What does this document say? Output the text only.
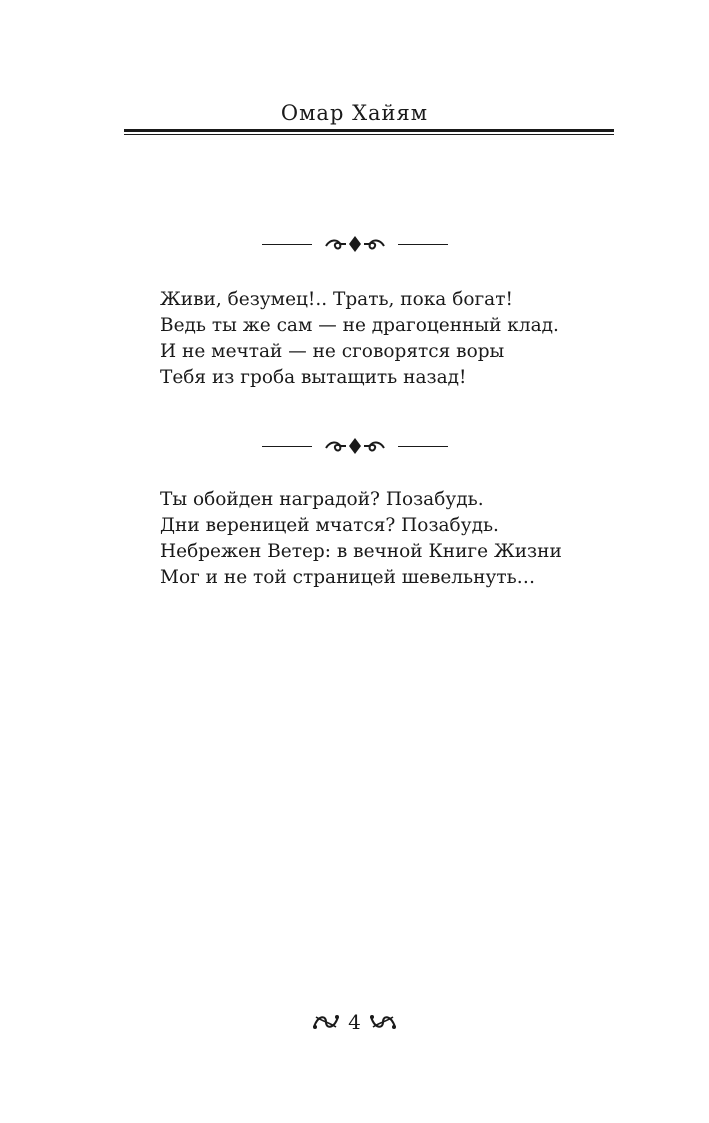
Омар Хайям
Живи, безумец!.. Трать, пока богат!
Ведь ты же сам — не драгоценный клад.
И не мечтай — не сговорятся воры
Тебя из гроба вытащить назад!
Ты обойден наградой? Позабудь.
Дни вереницей мчатся? Позабудь.
Небрежен Ветер: в вечной Книге Жизни
Мог и не той страницей шевельнуть…
4
